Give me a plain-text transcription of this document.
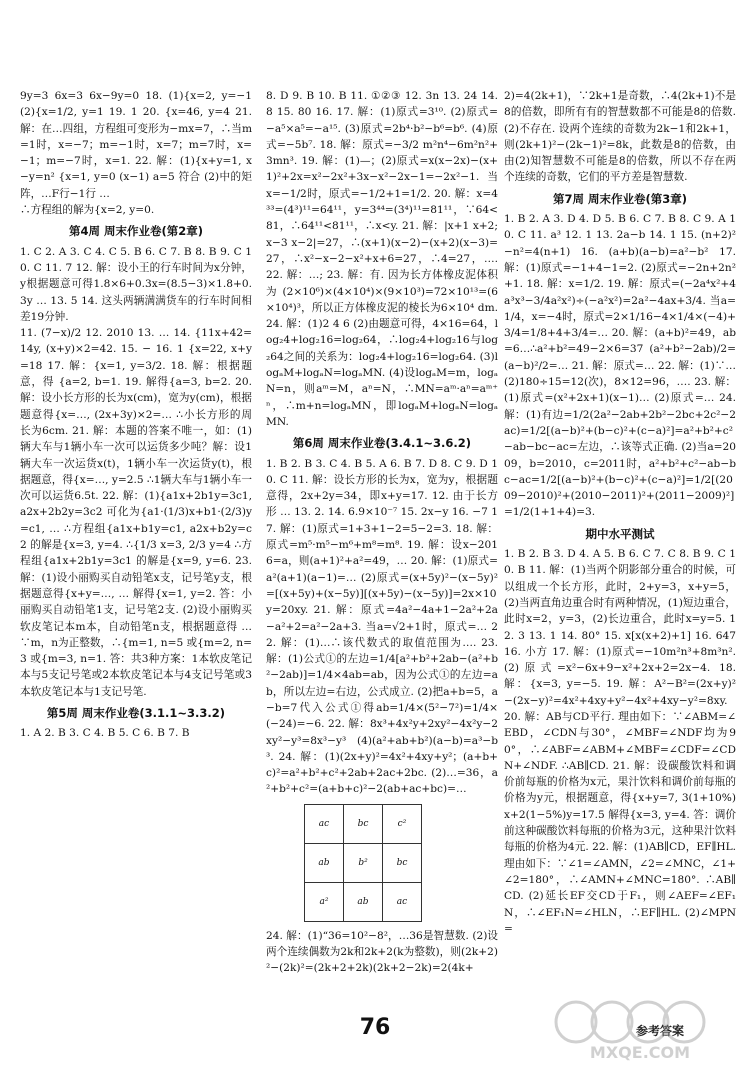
9y=3 6x=3 6x−9y=0 18. (1){x=2, y=−1 (2){x=1/2, y=1 19. 1 20. {x=46, y=4 21. 解：在…四组，方程组可变形为−mx=7，∴当m=1时，x=−7；m=−1时，x=7；m=7时，x=−1；m=−7时，x=1. 22. 解：(1){x+y=1, x−y=n² {x=1, y=0 (x−1) a=5 符合 (2)中的矩阵，…F行−1行 …

∴方程组的解为{x=2, y=0.

第4周 周末作业卷(第2章)

1. C 2. A 3. C 4. C 5. B 6. C 7. B 8. B 9. C 10. C 11. 7 12. 解：设小王的行车时间为x分钟，y根据题意可得1.8×6+0.3x=(8.5−3)×1.8+0.3y … 13. 5 14. 这头两辆满满货车的行车时间相差19分钟.

11. (7−x)/2 12. 2010 13. … 14. {11x+42=14y, (x+y)×2=42. 15. − 16. 1 {x=22, x+y=18 17. 解：{x=1, y=3/2. 18. 解：根据题意，得 {a=2, b=1. 19. 解得{a=3, b=2. 20. 解：设小长方形的长为x(cm)，宽为y(cm)，根据题意得{x=…, (2x+3y)×2=… ∴小长方形的周长为6cm. 21. 解：本题的答案不唯一，如：(1)辆大车与1辆小车一次可以运货多少吨？解：设1辆大车一次运货x(t)，1辆小车一次运货y(t)，根据题意，得{x=…, y=2.5 ∴1辆大车与1辆小车一次可以运货6.5t. 22. 解：(1){a1x+2b1y=3c1, a2x+2b2y=3c2 可化为{a1·(1/3)x+b1·(2/3)y=c1, … ∴方程组{a1x+b1y=c1, a2x+b2y=c2 的解是{x=3, y=4. ∴{1/3 x=3, 2/3 y=4 ∴方程组{a1x+2b1y=3c1 的解是{x=9, y=6. 23. 解：(1)设小丽购买自动铅笔x支，记号笔y支，根据题意得{x+y=…, … 解得{x=1, y=2. 答：小丽购买自动铅笔1支，记号笔2支. (2)设小丽购买软皮笔记本m本，自动铅笔n支，根据题意得 … ∵m，n为正整数，∴{m=1, n=5 或{m=2, n=3 或{m=3, n=1. 答：共3种方案：1本软皮笔记本与5支记号笔或2本软皮笔记本与4支记号笔或3本软皮笔记本与1支记号笔.

第5周 周末作业卷(3.1.1~3.3.2)

1. A 2. B 3. C 4. B 5. C 6. B 7. B

8. D 9. B 10. B 11. ①②③ 12. 3n 13. 24 14. 8 15. 80 16. 17. 解：(1)原式=3¹⁰. (2)原式=−a⁵×a⁵=−a¹⁵. (3)原式=2b⁴·b²−b⁶=b⁶. (4)原式=−5b⁷. 18. 解：原式=−3/2 m²n⁴−6m²n²+3mn³. 19. 解：(1)—；(2)原式=x(x−2x)−(x+1)²+2x=x²−2x²+3x−x²−2x−1=−2x²−1. 当x=−1/2时，原式=−1/2+1=1/2. 20. 解：x=4³³=(4³)¹¹=64¹¹，y=3⁴⁴=(3⁴)¹¹=81¹¹，∵64<81，∴64¹¹<81¹¹，∴x<y. 21. 解：|x+1 x+2; x−3 x−2|=27，∴(x+1)(x−2)−(x+2)(x−3)=27，∴x²−x−2−x²+x+6=27，∴4=27，…. 22. 解：…; 23. 解：有. 因为长方体橡皮泥体积为(2×10⁶)×(4×10⁴)×(9×10³)=72×10¹³=(6×10⁴)³，所以正方体橡皮泥的棱长为6×10⁴ dm. 24. 解：(1)2 4 6 (2)由题意可得，4×16=64，log₂4+log₂16=log₂64，∴log₂4+log₂16与log₂64之间的关系为：log₂4+log₂16=log₂64. (3)logₐM+logₐN=logₐMN. (4)设logₐM=m，logₐN=n，则aᵐ=M，aⁿ=N，∴MN=aᵐ·aⁿ=aᵐ⁺ⁿ，∴m+n=logₐMN，即logₐM+logₐN=logₐMN.

第6周 周末作业卷(3.4.1~3.6.2)

1. B 2. B 3. C 4. B 5. A 6. B 7. D 8. C 9. D 10. C 11. 解：设长方形的长为x，宽为y，根据题意得，2x+2y=34，即x+y=17. 12. 由于长方形 … 13. 2. 14. 6.9×10⁻⁷ 15. 2x−y 16. −7 17. 解：(1)原式=1+3+1−2=5−2=3. 18. 解：原式=m⁵·m⁵−m⁶+m⁸=m⁸. 19. 解：设x−2016=a，则(a+1)²+a²=49，… 20. 解：(1)原式=a²(a+1)(a−1)=… (2)原式=(x+5y)²−(x−5y)²=[(x+5y)+(x−5y)][(x+5y)−(x−5y)]=2x×10y=20xy. 21. 解：原式=4a²−4a+1−2a²+2a−a²+2=a²−2a+3. 当a=√2+1时，原式=… 22. 解：(1)…∴该代数式的取值范围为…. 23. 解：(1)公式①的左边=1/4[a²+b²+2ab−(a²+b²−2ab)]=1/4×4ab=ab，因为公式①的左边=ab，所以左边=右边，公式成立. (2)把a+b=5，a−b=7代入公式①得ab=1/4×(5²−7²)=1/4×(−24)=−6. 22. 解：8x³+4x²y+2xy²−4x²y−2xy²−y³=8x³−y³ (4)(a²+ab+b²)(a−b)=a³−b³. 24. 解：(1)(2x+y)²=4x²+4xy+y²；(a+b+c)²=a²+b²+c²+2ab+2ac+2bc. (2)…=36，a²+b²+c²=(a+b+c)²−2(ab+ac+bc)=…

ac	bc	c²
ab	b²	bc
a²	ab	ac

24. 解：(1)“36=10²−8²，…36是智慧数. (2)设两个连续偶数为2k和2k+2(k为整数)，则(2k+2)²−(2k)²=(2k+2+2k)(2k+2−2k)=2(4k+

2)=4(2k+1)，∵2k+1是奇数，∴4(2k+1)不是8的倍数，即所有有的智慧数都不可能是8的倍数. (2)不存在. 设两个连续的奇数为2k−1和2k+1，则(2k+1)²−(2k−1)²=8k，此数是8的倍数，由由(2)知智慧数不可能是8的倍数，所以不存在两个连续的奇数，它们的平方差是智慧数.

第7周 周末作业卷(第3章)

1. B 2. A 3. D 4. D 5. B 6. C 7. B 8. C 9. A 10. C 11. a³ 12. 1 13. 2a−b 14. 1 15. (n+2)²−n²=4(n+1) 16. (a+b)(a−b)=a²−b² 17. 解：(1)原式=−1+4−1=2. (2)原式=−2n+2n²+1. 18. 解：x=1/2. 19. 解：原式=(−2a⁴x²+4a³x³−3/4a²x²)÷(−a²x²)=2a²−4ax+3/4. 当a=1/4，x=−4时，原式=2×1/16−4×1/4×(−4)+3/4=1/8+4+3/4=… 20. 解：(a+b)²=49，ab=6…∴a²+b²=49−2×6=37 (a²+b²−2ab)/2=(a−b)²/2=… 21. 解：原式=… 22. 解：(1)∵… (2)180÷15=12(次)，8×12=96，…. 23. 解：(1)原式=(x²+2x+1)(x−1)… (2)原式=… 24. 解：(1)有边=1/2(2a²−2ab+2b²−2bc+2c²−2ac)=1/2[(a−b)²+(b−c)²+(c−a)²]=a²+b²+c²−ab−bc−ac=左边，∴该等式正确. (2)当a=2009，b=2010，c=2011时，a²+b²+c²−ab−bc−ac=1/2[(a−b)²+(b−c)²+(c−a)²]=1/2[(2009−2010)²+(2010−2011)²+(2011−2009)²]=1/2(1+1+4)=3.

期中水平测试

1. B 2. B 3. D 4. A 5. B 6. C 7. C 8. B 9. C 10. B 11. 解：(1)当两个阴影部分重合的时候，可以组成一个长方形，此时，2+y=3，x+y=5，(2)当两直角边重合时有两种情况，(1)短边重合，此时x=2，y=3，(2)长边重合，此时x=y=5. 12. 3 13. 1 14. 80° 15. x[x(x+2)+1] 16. 647 16. 小方 17. 解：(1)原式=−10m²n³+8m³n². (2)原式=x²−6x+9−x²+2x+2=2x−4. 18. 解：{x=3, y=−5. 19. 解：A²−B²=(2x+y)²−(2x−y)²=4x²+4xy+y²−4x²+4xy−y²=8xy. 20. 解：AB与CD平行. 理由如下：∵∠ABM=∠EBD，∠CDN与30°，∠MBF=∠NDF均为90°，∴∠ABF=∠ABM+∠MBF=∠CDF=∠CDN+∠NDF. ∴AB∥CD. 21. 解：设碳酸饮料和调价前每瓶的价格为x元，果汁饮料和调价前每瓶的价格为y元，根据题意，得{x+y=7, 3(1+10%)x+2(1−5%)y=17.5 解得{x=3, y=4. 答：调价前这种碳酸饮料每瓶的价格为3元，这种果汁饮料每瓶的价格为4元. 22. 解：(1)AB∥CD，EF∥HL. 理由如下：∵∠1=∠AMN，∠2=∠MNC，∠1+∠2=180°，∴∠AMN+∠MNC=180°. ∴AB∥CD. (2)延长EF交CD于F₁，则∠AEF=∠EF₁N，∴∠EF₁N=∠HLN，∴EF∥HL. (2)∠MPN=

76	参考答案
MXQE.COM
